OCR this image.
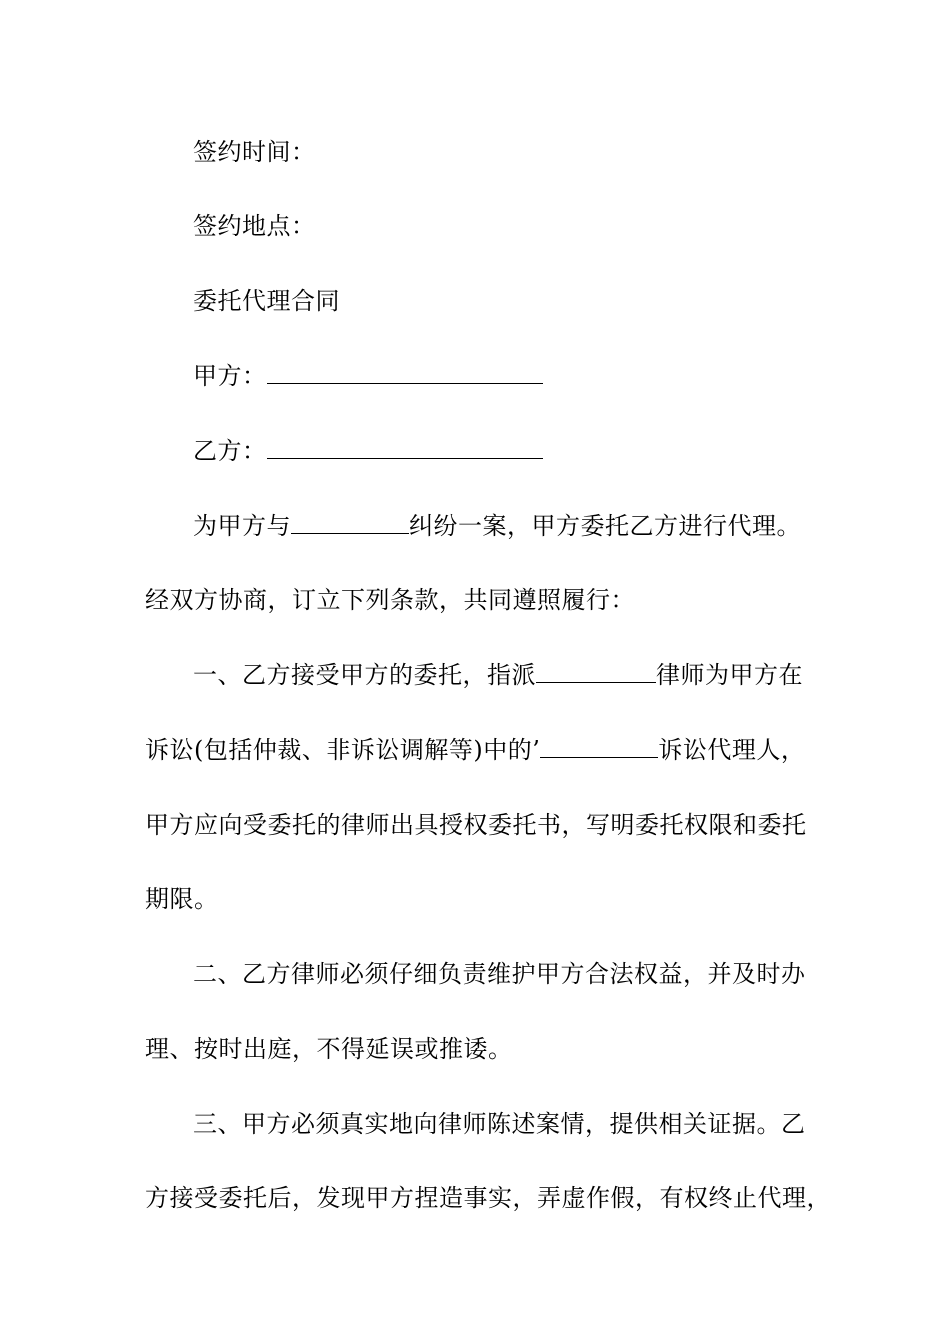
签约时间：
签约地点：
委托代理合同
甲方：
乙方：
为甲方与	纠纷一案，甲方委托乙方进行代理。
经双方协商，订立下列条款，共同遵照履行：
一、乙方接受甲方的委托，指派	律师为甲方在
诉讼(包括仲裁、非诉讼调解等)中的’	诉讼代理人，
甲方应向受委托的律师出具授权委托书，写明委托权限和委托
期限。
二、乙方律师必须仔细负责维护甲方合法权益，并及时办
理、按时出庭，不得延误或推诿。
三、甲方必须真实地向律师陈述案情，提供相关证据。乙
方接受委托后，发现甲方捏造事实，弄虚作假，有权终止代理，
